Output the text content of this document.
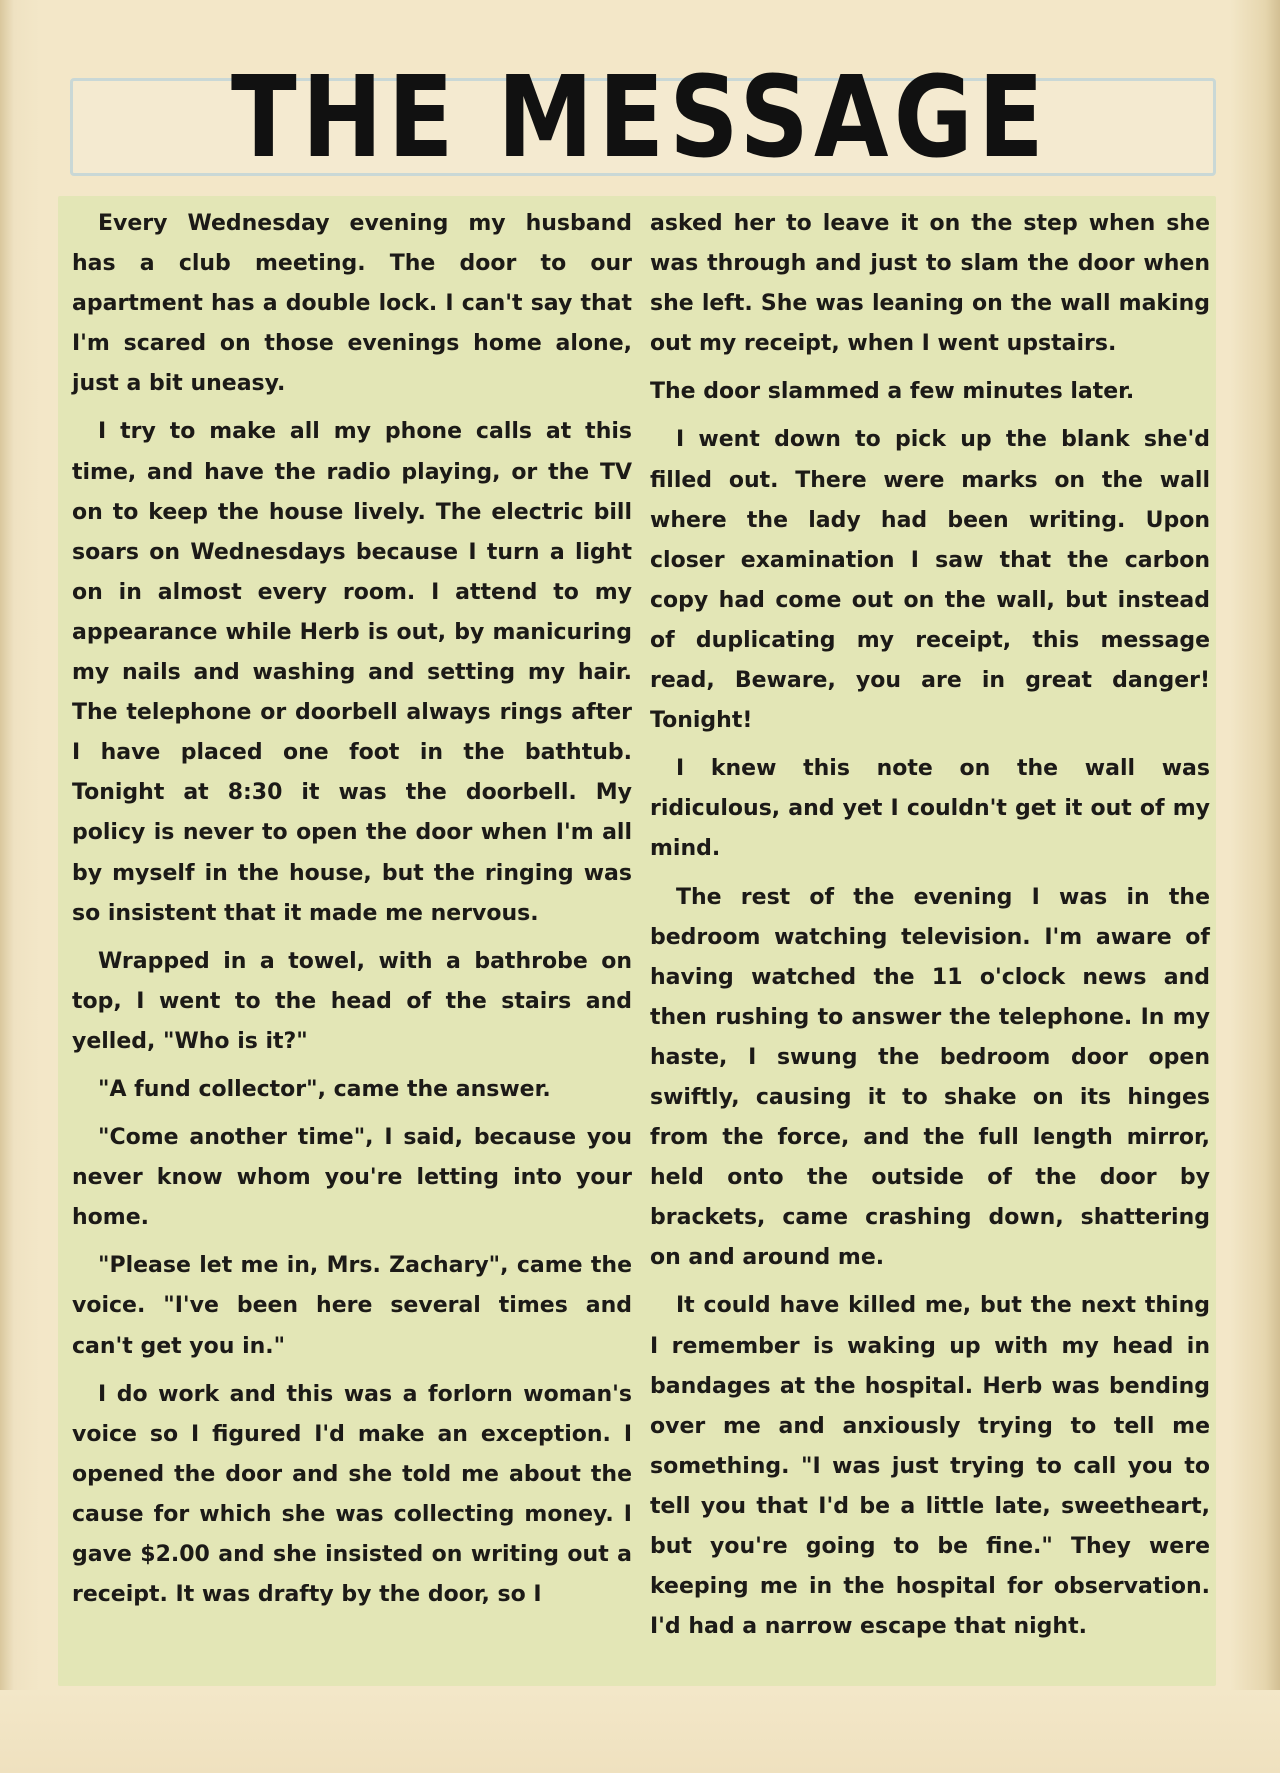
THE MESSAGE

Every Wednesday evening my husband has a club meeting. The door to our apartment has a double lock. I can't say that I'm scared on those evenings home alone, just a bit uneasy.

I try to make all my phone calls at this time, and have the radio playing, or the TV on to keep the house lively. The electric bill soars on Wednesdays because I turn a light on in almost every room. I attend to my appearance while Herb is out, by manicuring my nails and washing and setting my hair. The telephone or doorbell always rings after I have placed one foot in the bathtub. Tonight at 8:30 it was the doorbell. My policy is never to open the door when I'm all by myself in the house, but the ringing was so insistent that it made me nervous.

Wrapped in a towel, with a bathrobe on top, I went to the head of the stairs and yelled, "Who is it?"

"A fund collector", came the answer.

"Come another time", I said, because you never know whom you're letting into your home.

"Please let me in, Mrs. Zachary", came the voice. "I've been here several times and can't get you in."

I do work and this was a forlorn woman's voice so I figured I'd make an exception. I opened the door and she told me about the cause for which she was collecting money. I gave $2.00 and she insisted on writing out a receipt. It was drafty by the door, so I

asked her to leave it on the step when she was through and just to slam the door when she left. She was leaning on the wall making out my receipt, when I went upstairs.

The door slammed a few minutes later.

I went down to pick up the blank she'd filled out. There were marks on the wall where the lady had been writing. Upon closer examination I saw that the carbon copy had come out on the wall, but instead of duplicating my receipt, this message read, Beware, you are in great danger! Tonight!

I knew this note on the wall was ridiculous, and yet I couldn't get it out of my mind.

The rest of the evening I was in the bedroom watching television. I'm aware of having watched the 11 o'clock news and then rushing to answer the telephone. In my haste, I swung the bedroom door open swiftly, causing it to shake on its hinges from the force, and the full length mirror, held onto the outside of the door by brackets, came crashing down, shattering on and around me.

It could have killed me, but the next thing I remember is waking up with my head in bandages at the hospital. Herb was bending over me and anxiously trying to tell me something. "I was just trying to call you to tell you that I'd be a little late, sweetheart, but you're going to be fine." They were keeping me in the hospital for observation. I'd had a narrow escape that night.
